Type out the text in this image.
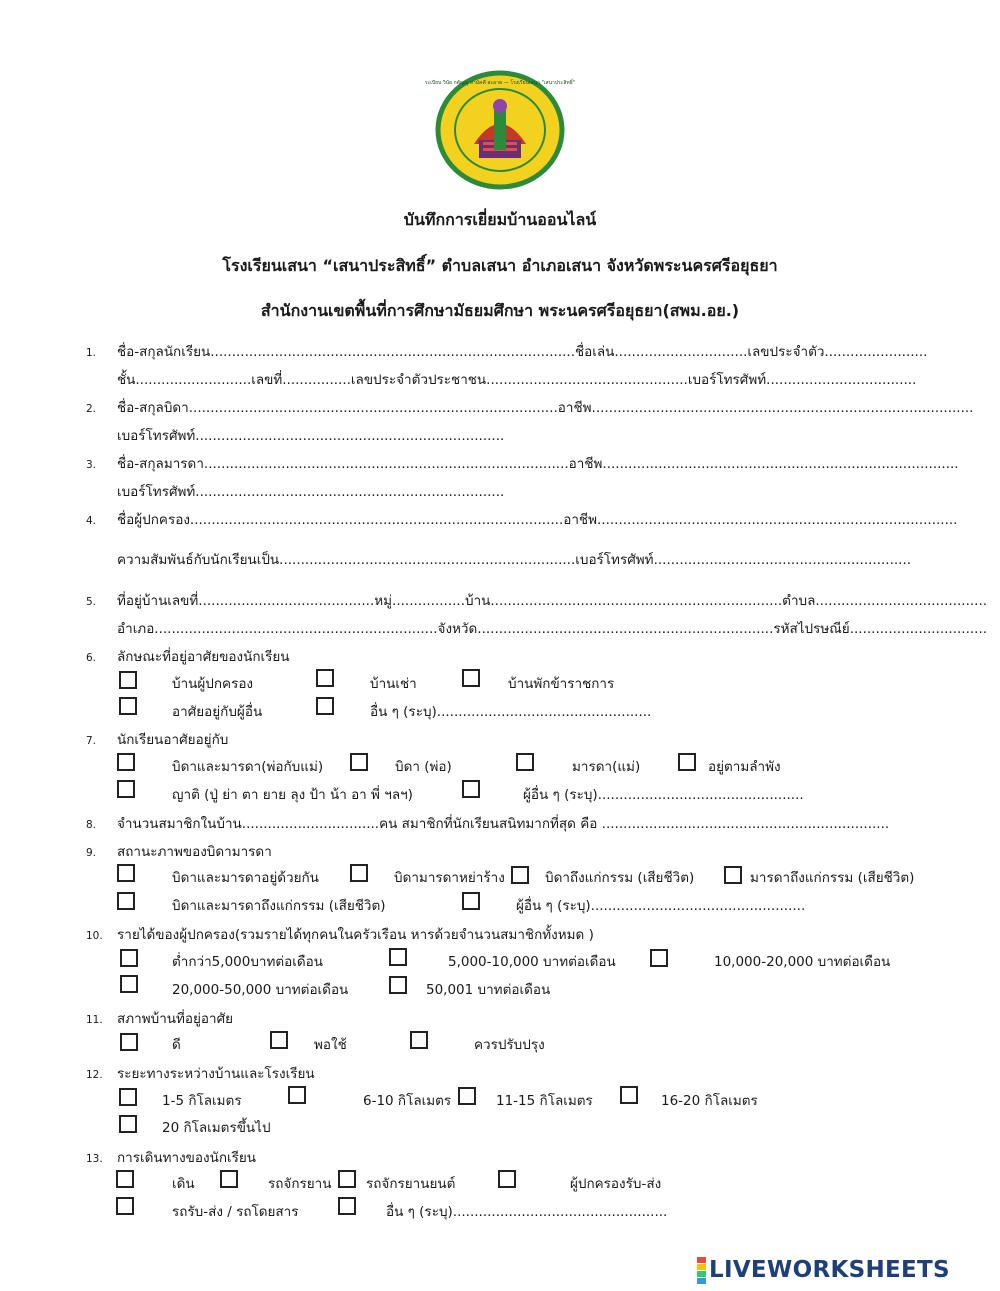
ระเบียบ วินัย กตัญญู สามัคคี สะอาด — โรงเรียนเสนา "เสนาประสิทธิ์"
บันทึกการเยี่ยมบ้านออนไลน์
โรงเรียนเสนา “เสนาประสิทธิ์” ตำบลเสนา อำเภอเสนา จังหวัดพระนครศรีอยุธยา
สำนักงานเขตพื้นที่การศึกษามัธยมศึกษา พระนครศรีอยุธยา(สพม.อย.)
1. ชื่อ-สกุลนักเรียน.....................................................................................ชื่อเล่น...............................เลขประจำตัว........................
ชั้น...........................เลขที่................เลขประจำตัวประชาชน...............................................เบอร์โทรศัพท์...................................
2. ชื่อ-สกุลบิดา......................................................................................อาชีพ.........................................................................................
เบอร์โทรศัพท์........................................................................
3. ชื่อ-สกุลมารดา.....................................................................................อาชีพ...................................................................................
เบอร์โทรศัพท์........................................................................
4. ชื่อผู้ปกครอง.......................................................................................อาชีพ....................................................................................
ความสัมพันธ์กับนักเรียนเป็น.....................................................................เบอร์โทรศัพท์............................................................
5. ที่อยู่บ้านเลขที่.........................................หมู่.................บ้าน....................................................................ตำบล........................................
อำเภอ..................................................................จังหวัด.....................................................................รหัสไปรษณีย์................................
6. ลักษณะที่อยู่อาศัยของนักเรียน
บ้านผู้ปกครอง	บ้านเช่า	บ้านพักข้าราชการ
อาศัยอยู่กับผู้อื่น	อื่น ๆ (ระบุ)..................................................
7. นักเรียนอาศัยอยู่กับ
บิดาและมารดา(พ่อกับแม่)	บิดา (พ่อ)	มารดา(แม่)	อยู่ตามลำพัง
ญาติ (ปู่ ย่า ตา ยาย ลุง ป้า น้า อา พี่ ฯลฯ)	ผู้อื่น ๆ (ระบุ)................................................
8. จำนวนสมาชิกในบ้าน................................คน สมาชิกที่นักเรียนสนิทมากที่สุด คือ ...................................................................
9. สถานะภาพของบิดามารดา
บิดาและมารดาอยู่ด้วยกัน	บิดามารดาหย่าร้าง	บิดาถึงแก่กรรม (เสียชีวิต)	มารดาถึงแก่กรรม (เสียชีวิต)
บิดาและมารดาถึงแก่กรรม (เสียชีวิต)	ผู้อื่น ๆ (ระบุ)..................................................
10. รายได้ของผู้ปกครอง(รวมรายได้ทุกคนในครัวเรือน หารด้วยจำนวนสมาชิกทั้งหมด )
ต่ำกว่า5,000บาทต่อเดือน	5,000-10,000 บาทต่อเดือน	10,000-20,000 บาทต่อเดือน
20,000-50,000 บาทต่อเดือน	50,001 บาทต่อเดือน
11. สภาพบ้านที่อยู่อาศัย
ดี	พอใช้	ควรปรับปรุง
12. ระยะทางระหว่างบ้านและโรงเรียน
1-5 กิโลเมตร	6-10 กิโลเมตร	11-15 กิโลเมตร	16-20 กิโลเมตร
20 กิโลเมตรขึ้นไป
13. การเดินทางของนักเรียน
เดิน	รถจักรยาน	รถจักรยานยนต์	ผู้ปกครองรับ-ส่ง
รถรับ-ส่ง / รถโดยสาร	อื่น ๆ (ระบุ)..................................................
LIVEWORKSHEETS
